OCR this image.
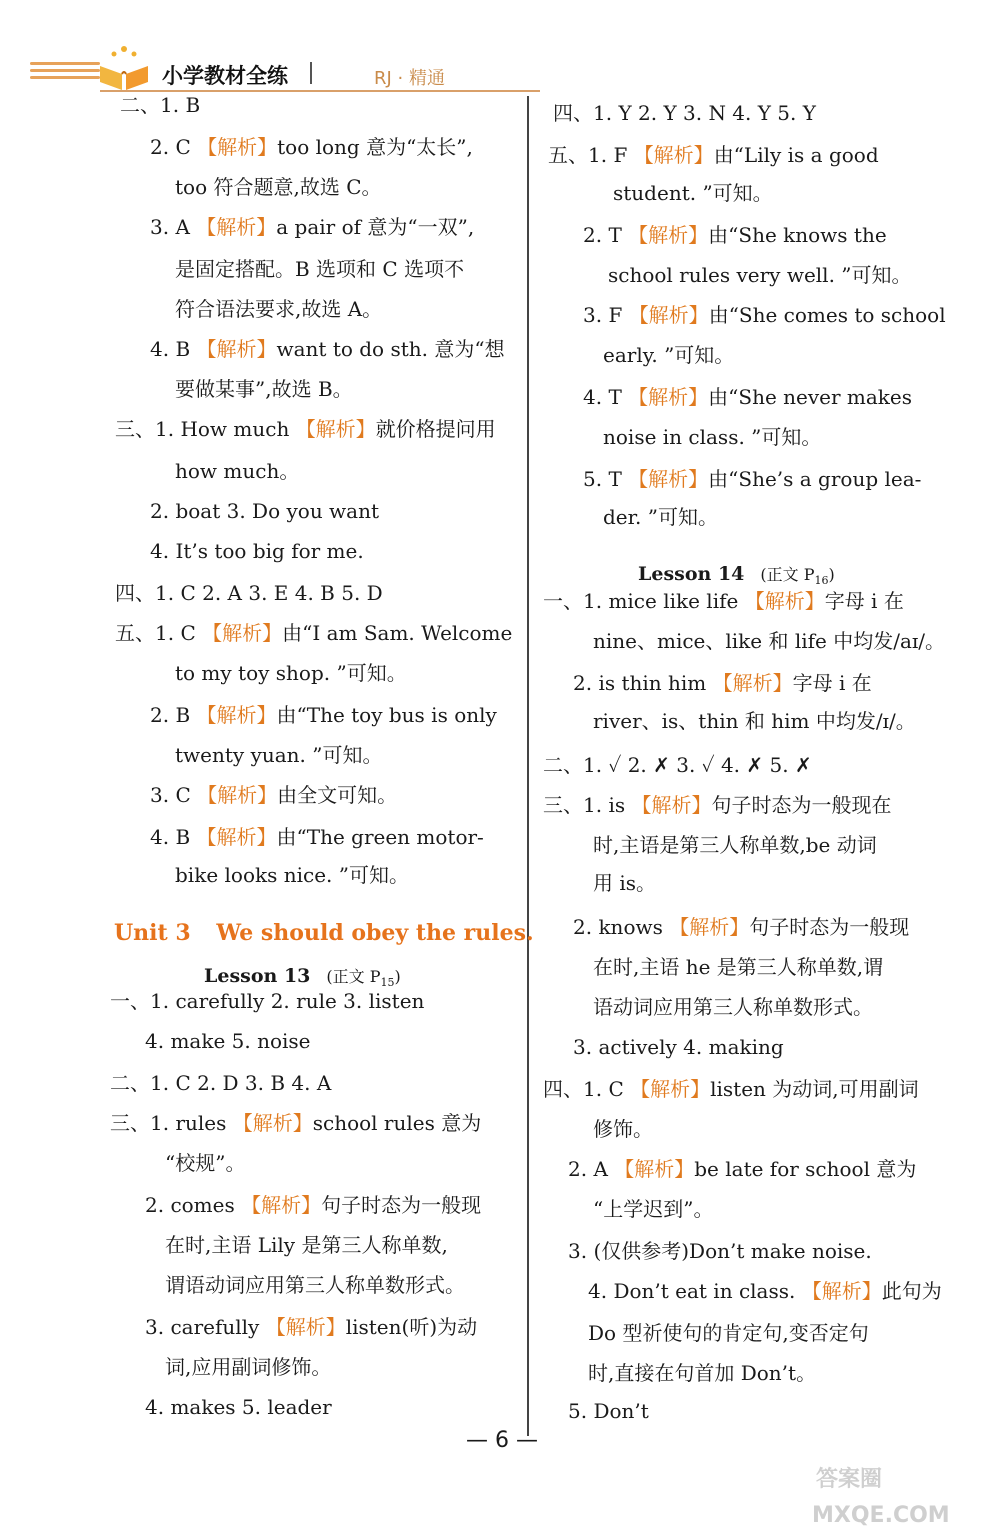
小学教材全练	RJ · 精通
二、1. B
2. C 【解析】too long 意为“太长”,
too 符合题意,故选 C。
3. A 【解析】a pair of 意为“一双”,
是固定搭配。B 选项和 C 选项不
符合语法要求,故选 A。
4. B 【解析】want to do sth. 意为“想
要做某事”,故选 B。
三、1. How much 【解析】就价格提问用
how much。
2. boat 3. Do you want
4. It’s too big for me.
四、1. C 2. A 3. E 4. B 5. D
五、1. C 【解析】由“I am Sam. Welcome
to my toy shop. ”可知。
2. B 【解析】由“The toy bus is only
twenty yuan. ”可知。
3. C 【解析】由全文可知。
4. B 【解析】由“The green motor-
bike looks nice. ”可知。
一、1. carefully 2. rule 3. listen
4. make 5. noise
二、1. C 2. D 3. B 4. A
三、1. rules 【解析】school rules 意为
“校规”。
2. comes 【解析】句子时态为一般现
在时,主语 Lily 是第三人称单数,
谓语动词应用第三人称单数形式。
3. carefully 【解析】listen(听)为动
词,应用副词修饰。
4. makes 5. leader
四、1. Y 2. Y 3. N 4. Y 5. Y
五、1. F 【解析】由“Lily is a good
student. ”可知。
2. T 【解析】由“She knows the
school rules very well. ”可知。
3. F 【解析】由“She comes to school
early. ”可知。
4. T 【解析】由“She never makes
noise in class. ”可知。
5. T 【解析】由“She’s a group lea-
der. ”可知。
一、1. mice like life 【解析】字母 i 在
nine、mice、like 和 life 中均发/aɪ/。
2. is thin him 【解析】字母 i 在
river、is、thin 和 him 中均发/ɪ/。
二、1. ✓ 2. ✗ 3. ✓ 4. ✗ 5. ✗
三、1. is 【解析】句子时态为一般现在
时,主语是第三人称单数,be 动词
用 is。
2. knows 【解析】句子时态为一般现
在时,主语 he 是第三人称单数,谓
语动词应用第三人称单数形式。
3. actively 4. making
四、1. C 【解析】listen 为动词,可用副词
修饰。
2. A 【解析】be late for school 意为
“上学迟到”。
3. (仅供参考)Don’t make noise.
4. Don’t eat in class. 【解析】此句为
Do 型祈使句的肯定句,变否定句
时,直接在句首加 Don’t。
5. Don’t
Unit 3 We should obey the rules.
Lesson 13 (正文 $P_{15}$)
Lesson 14 (正文 $P_{16}$)
— 6 —
答案圈
MXQE.COM
